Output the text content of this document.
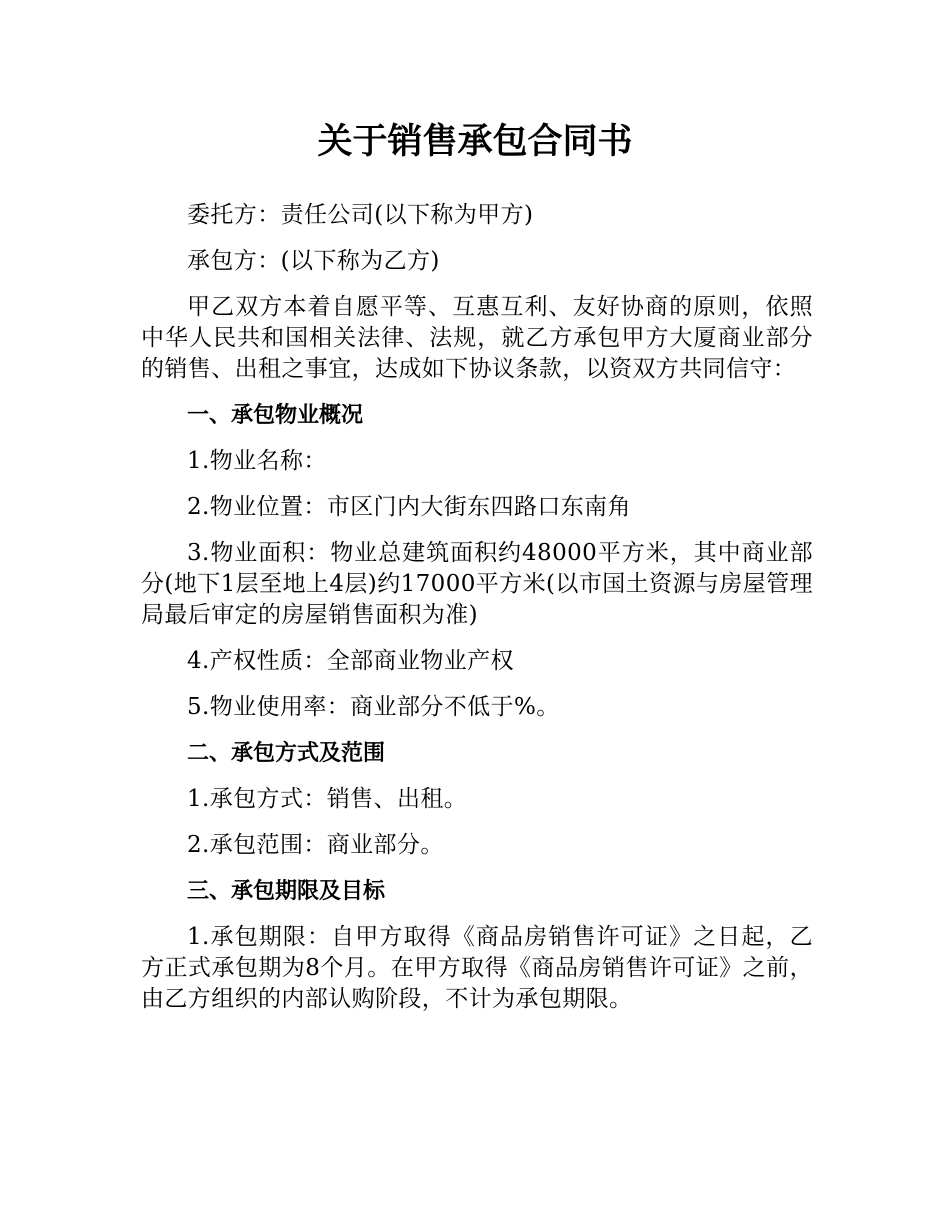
关于销售承包合同书

委托方：责任公司(以下称为甲方)

承包方：(以下称为乙方)

甲乙双方本着自愿平等、互惠互利、友好协商的原则，依照中华人民共和国相关法律、法规，就乙方承包甲方大厦商业部分的销售、出租之事宜，达成如下协议条款，以资双方共同信守：

一、承包物业概况

1.物业名称：

2.物业位置：市区门内大街东四路口东南角

3.物业面积：物业总建筑面积约48000平方米，其中商业部分(地下1层至地上4层)约17000平方米(以市国土资源与房屋管理局最后审定的房屋销售面积为准)

4.产权性质：全部商业物业产权

5.物业使用率：商业部分不低于%。

二、承包方式及范围

1.承包方式：销售、出租。

2.承包范围：商业部分。

三、承包期限及目标

1.承包期限：自甲方取得《商品房销售许可证》之日起，乙方正式承包期为8个月。在甲方取得《商品房销售许可证》之前，由乙方组织的内部认购阶段，不计为承包期限。
